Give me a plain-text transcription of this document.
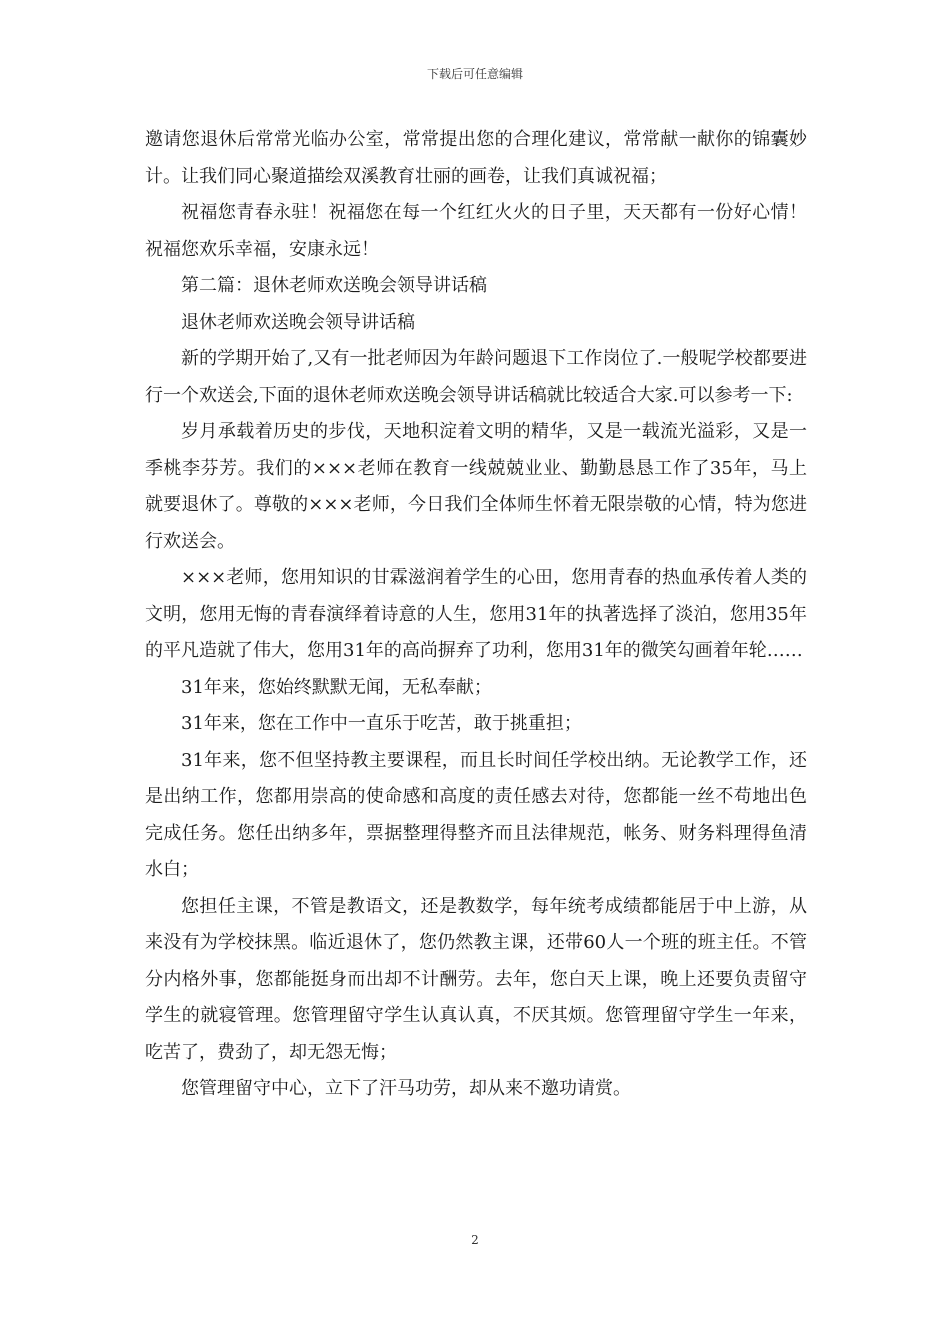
下载后可任意编辑

邀请您退休后常常光临办公室，常常提出您的合理化建议，常常献一献你的锦囊妙计。让我们同心聚道描绘双溪教育壮丽的画卷，让我们真诚祝福；

祝福您青春永驻！祝福您在每一个红红火火的日子里，天天都有一份好心情！祝福您欢乐幸福，安康永远！

第二篇：退休老师欢送晚会领导讲话稿

退休老师欢送晚会领导讲话稿

新的学期开始了,又有一批老师因为年龄问题退下工作岗位了.一般呢学校都要进行一个欢送会,下面的退休老师欢送晚会领导讲话稿就比较适合大家.可以参考一下:

岁月承载着历史的步伐，天地积淀着文明的精华，又是一载流光溢彩，又是一季桃李芬芳。我们的×××老师在教育一线兢兢业业、勤勤恳恳工作了35年，马上就要退休了。尊敬的×××老师，今日我们全体师生怀着无限崇敬的心情，特为您进行欢送会。

×××老师，您用知识的甘霖滋润着学生的心田，您用青春的热血承传着人类的文明，您用无悔的青春演绎着诗意的人生，您用31年的执著选择了淡泊，您用35年的平凡造就了伟大，您用31年的高尚摒弃了功利，您用31年的微笑勾画着年轮……

31年来，您始终默默无闻，无私奉献；

31年来，您在工作中一直乐于吃苦，敢于挑重担；

31年来，您不但坚持教主要课程，而且长时间任学校出纳。无论教学工作，还是出纳工作，您都用崇高的使命感和高度的责任感去对待，您都能一丝不苟地出色完成任务。您任出纳多年，票据整理得整齐而且法律规范，帐务、财务料理得鱼清水白；

您担任主课，不管是教语文，还是教数学，每年统考成绩都能居于中上游，从来没有为学校抹黑。临近退休了，您仍然教主课，还带60人一个班的班主任。不管分内格外事，您都能挺身而出却不计酬劳。去年，您白天上课，晚上还要负责留守学生的就寝管理。您管理留守学生认真认真，不厌其烦。您管理留守学生一年来，吃苦了，费劲了，却无怨无悔；

您管理留守中心，立下了汗马功劳，却从来不邀功请赏。

2
